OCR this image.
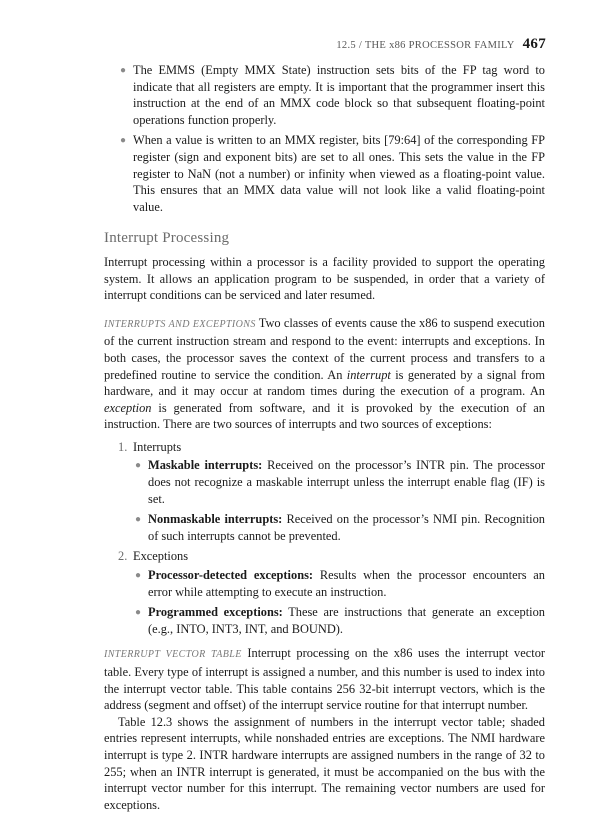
12.5 / THE x86 PROCESSOR FAMILY 467
● The EMMS (Empty MMX State) instruction sets bits of the FP tag word to indicate that all registers are empty. It is important that the programmer insert this instruction at the end of an MMX code block so that subsequent floating-point operations function properly.
● When a value is written to an MMX register, bits [79:64] of the corresponding FP register (sign and exponent bits) are set to all ones. This sets the value in the FP register to NaN (not a number) or infinity when viewed as a floating-point value. This ensures that an MMX data value will not look like a valid floating-point value.
Interrupt Processing

Interrupt processing within a processor is a facility provided to support the operating system. It allows an application program to be suspended, in order that a variety of interrupt conditions can be serviced and later resumed.

INTERRUPTS AND EXCEPTIONS Two classes of events cause the x86 to suspend execution of the current instruction stream and respond to the event: interrupts and exceptions. In both cases, the processor saves the context of the current process and transfers to a predefined routine to service the condition. An interrupt is generated by a signal from hardware, and it may occur at random times during the execution of a program. An exception is generated from software, and it is provoked by the execution of an instruction. There are two sources of interrupts and two sources of exceptions:

1. Interrupts
● Maskable interrupts: Received on the processor’s INTR pin. The processor does not recognize a maskable interrupt unless the interrupt enable flag (IF) is set.
● Nonmaskable interrupts: Received on the processor’s NMI pin. Recognition of such interrupts cannot be prevented.
2. Exceptions
● Processor-detected exceptions: Results when the processor encounters an error while attempting to execute an instruction.
● Programmed exceptions: These are instructions that generate an exception (e.g., INTO, INT3, INT, and BOUND).

INTERRUPT VECTOR TABLE Interrupt processing on the x86 uses the interrupt vector table. Every type of interrupt is assigned a number, and this number is used to index into the interrupt vector table. This table contains 256 32-bit interrupt vectors, which is the address (segment and offset) of the interrupt service routine for that interrupt number.

Table 12.3 shows the assignment of numbers in the interrupt vector table; shaded entries represent interrupts, while nonshaded entries are exceptions. The NMI hardware interrupt is type 2. INTR hardware interrupts are assigned numbers in the range of 32 to 255; when an INTR interrupt is generated, it must be accompanied on the bus with the interrupt vector number for this interrupt. The remaining vector numbers are used for exceptions.
